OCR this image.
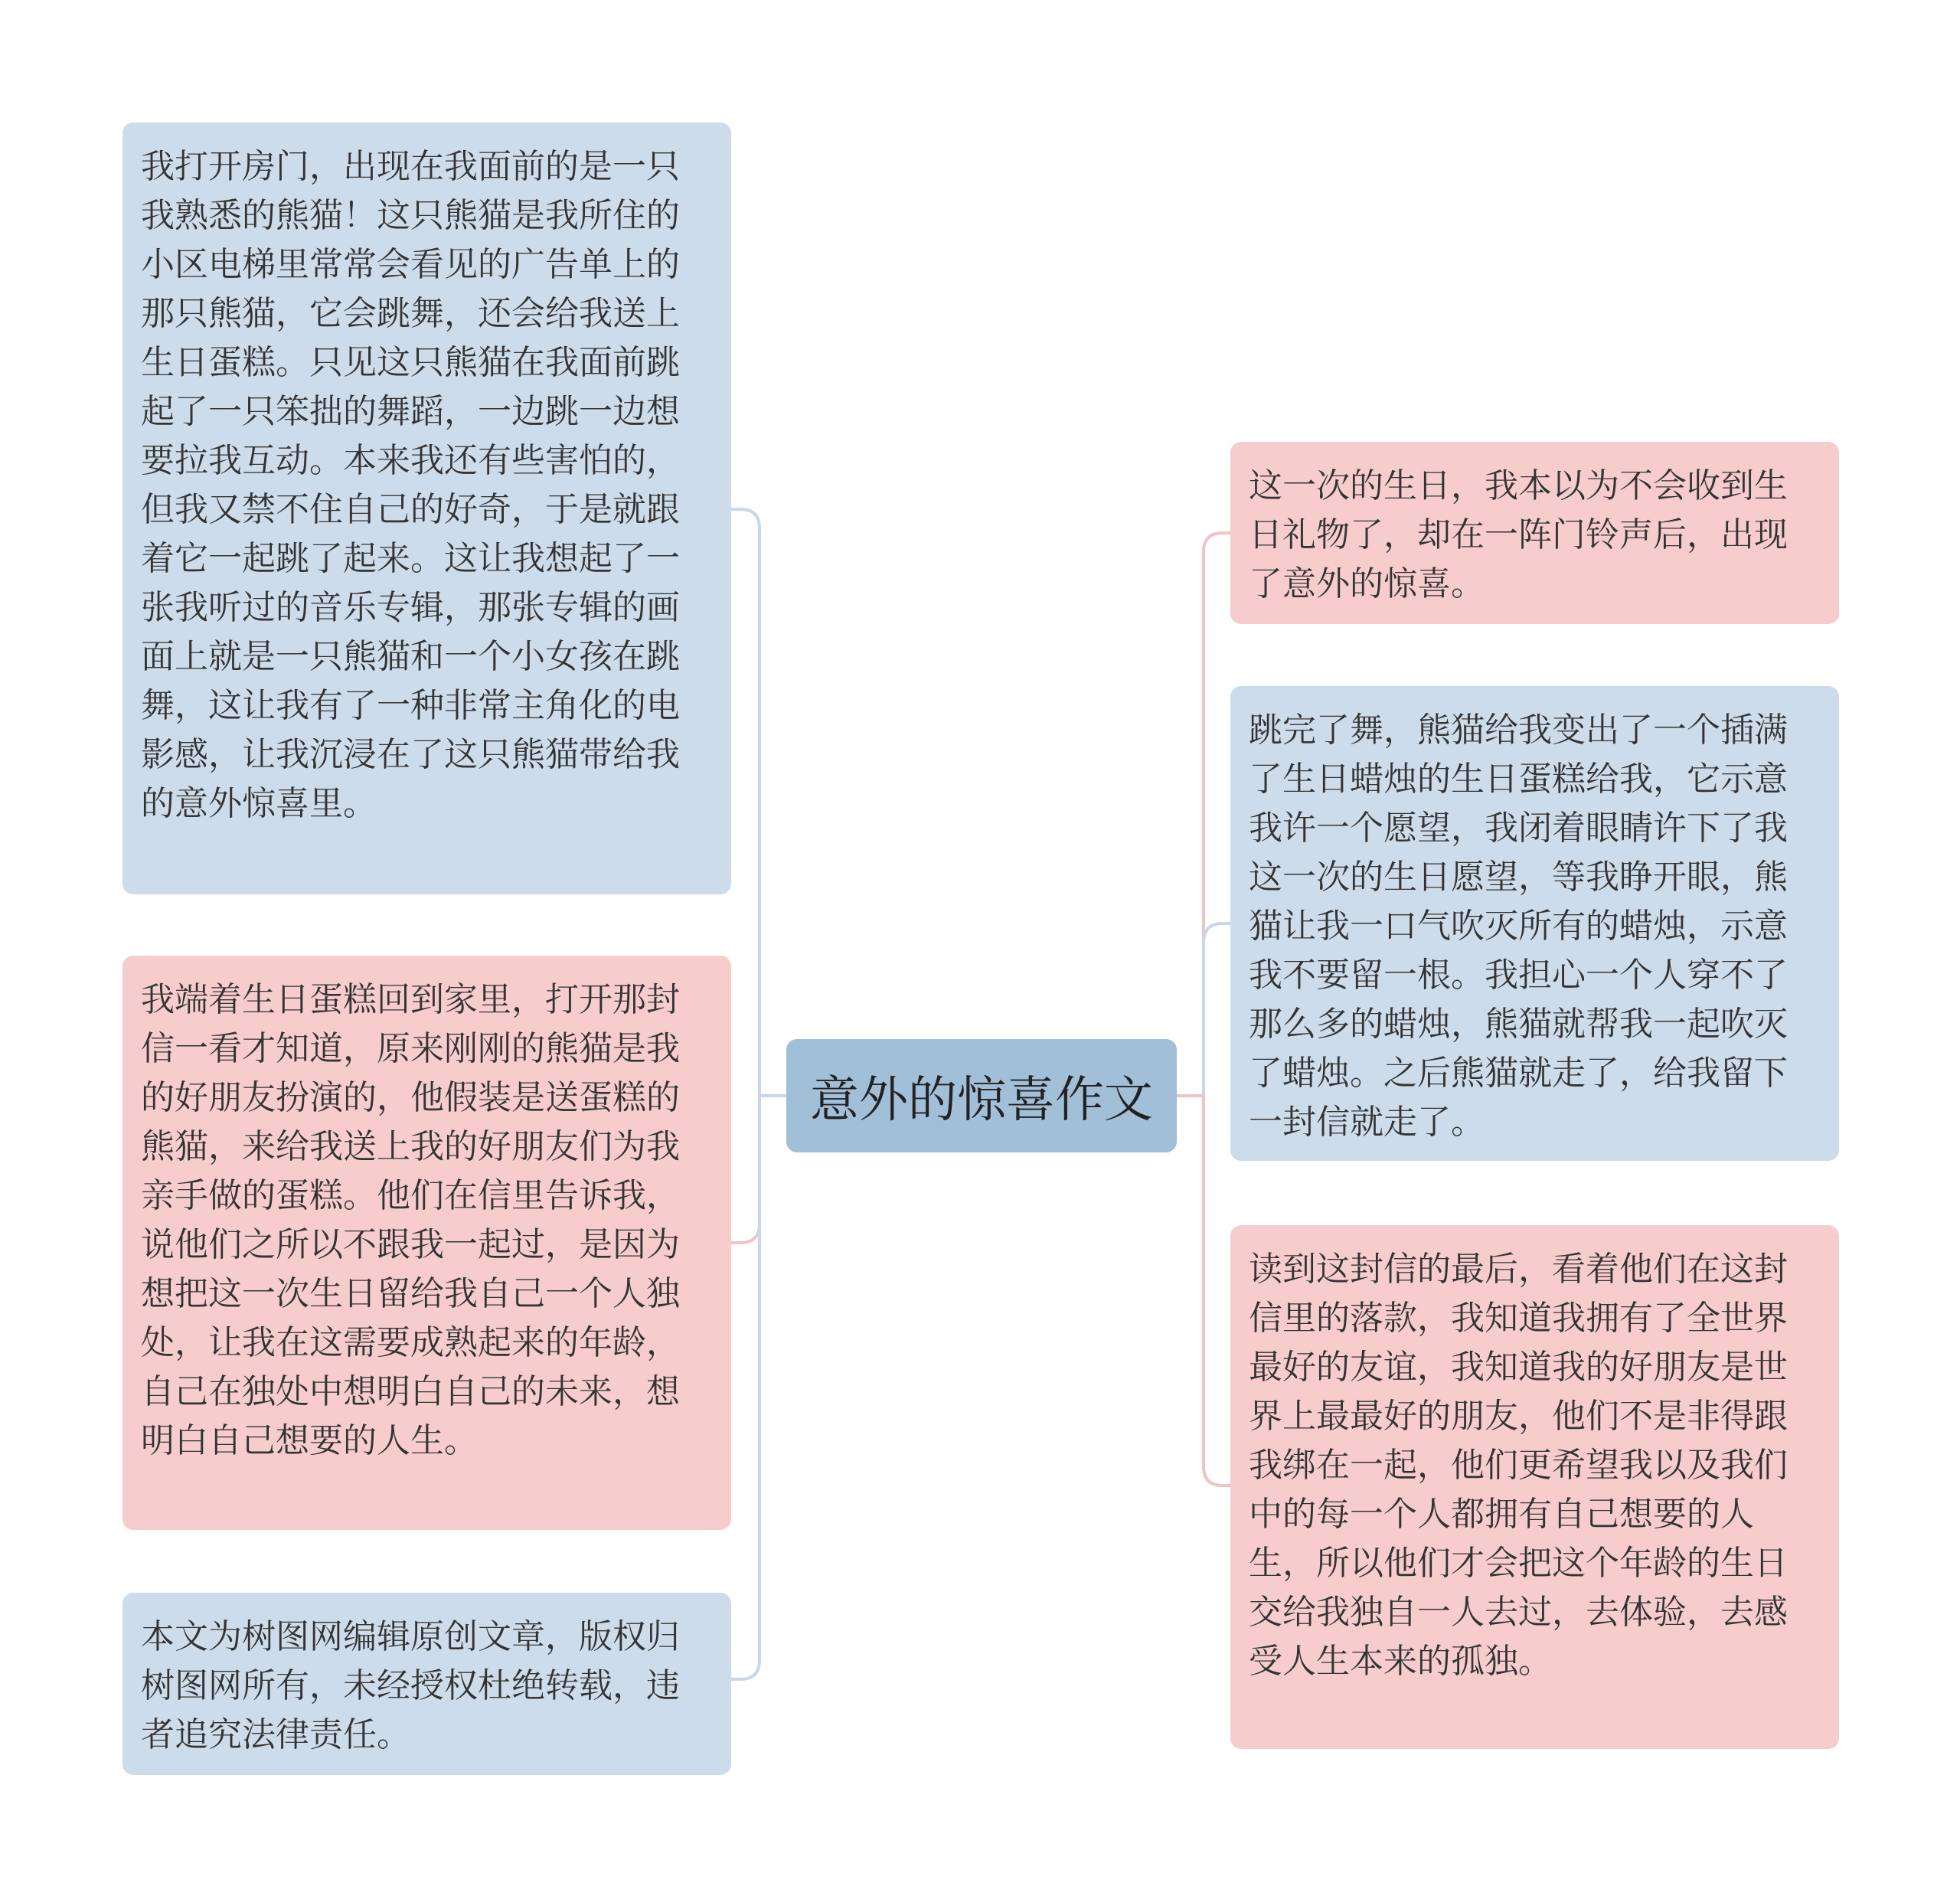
意外的惊喜作文
我打开房门，出现在我面前的是一只我熟悉的熊猫！这只熊猫是我所住的小区电梯里常常会看见的广告单上的那只熊猫，它会跳舞，还会给我送上生日蛋糕。只见这只熊猫在我面前跳起了一只笨拙的舞蹈，一边跳一边想要拉我互动。本来我还有些害怕的，但我又禁不住自己的好奇，于是就跟着它一起跳了起来。这让我想起了一张我听过的音乐专辑，那张专辑的画面上就是一只熊猫和一个小女孩在跳舞，这让我有了一种非常主角化的电影感，让我沉浸在了这只熊猫带给我的意外惊喜里。
我端着生日蛋糕回到家里，打开那封信一看才知道，原来刚刚的熊猫是我的好朋友扮演的，他假装是送蛋糕的熊猫，来给我送上我的好朋友们为我亲手做的蛋糕。他们在信里告诉我，说他们之所以不跟我一起过，是因为想把这一次生日留给我自己一个人独处，让我在这需要成熟起来的年龄，自己在独处中想明白自己的未来，想明白自己想要的人生。
本文为树图网编辑原创文章，版权归树图网所有，未经授权杜绝转载，违者追究法律责任。
这一次的生日，我本以为不会收到生日礼物了，却在一阵门铃声后，出现了意外的惊喜。
跳完了舞，熊猫给我变出了一个插满了生日蜡烛的生日蛋糕给我，它示意我许一个愿望，我闭着眼睛许下了我这一次的生日愿望，等我睁开眼，熊猫让我一口气吹灭所有的蜡烛，示意我不要留一根。我担心一个人穿不了那么多的蜡烛，熊猫就帮我一起吹灭了蜡烛。之后熊猫就走了，给我留下一封信就走了。
读到这封信的最后，看着他们在这封信里的落款，我知道我拥有了全世界最好的友谊，我知道我的好朋友是世界上最最好的朋友，他们不是非得跟我绑在一起，他们更希望我以及我们中的每一个人都拥有自己想要的人生，所以他们才会把这个年龄的生日交给我独自一人去过，去体验，去感受人生本来的孤独。
